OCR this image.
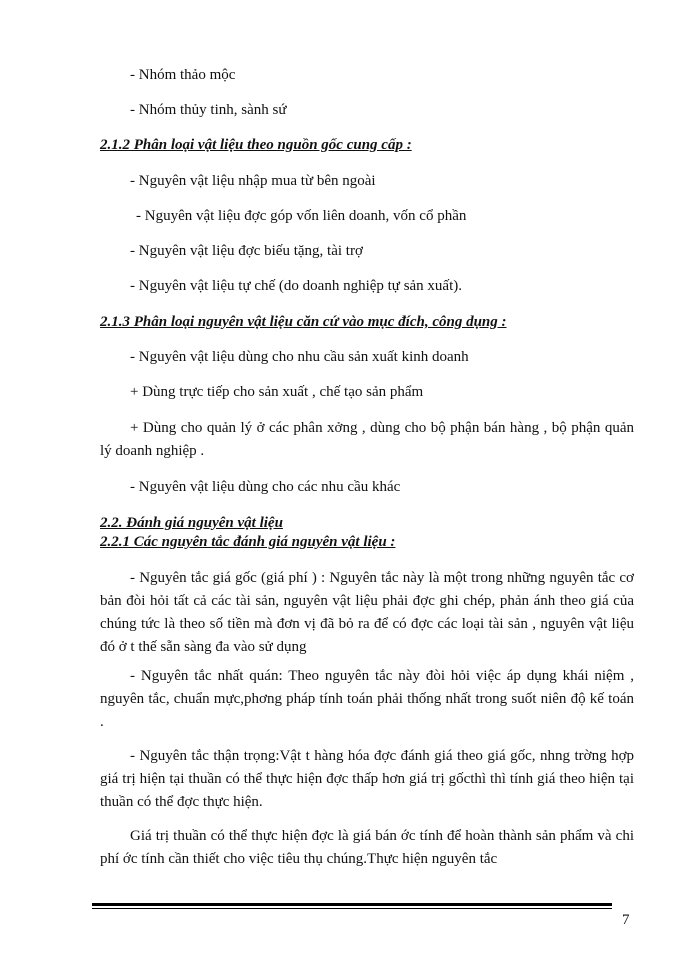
- Nhóm thảo mộc
- Nhóm thủy tinh, sành sứ
2.1.2 Phân loại vật liệu theo nguồn gốc cung cấp :
- Nguyên vật liệu nhập mua từ bên ngoài
- Nguyên vật liệu đợc góp vốn liên doanh, vốn cổ phần
- Nguyên vật liệu đợc biếu tặng, tài trợ
- Nguyên vật liệu tự chế (do doanh nghiệp tự sản xuất).
2.1.3 Phân loại nguyên vật liệu căn cứ vào mục đích, công dụng :
- Nguyên vật liệu dùng cho nhu cầu sản xuất kinh doanh
+ Dùng trực tiếp cho sản xuất , chế tạo sản phẩm
+ Dùng cho quản lý ở các phân xởng , dùng cho bộ phận bán hàng , bộ phận quản lý doanh nghiệp .
- Nguyên vật liệu dùng cho các nhu cầu khác
2.2. Đánh giá nguyên vật liệu
2.2.1 Các nguyên tắc đánh giá nguyên vật liệu :
- Nguyên tắc giá gốc (giá phí ) : Nguyên tắc này là một trong những nguyên tắc cơ bản đòi hỏi tất cả các tài sản, nguyên vật liệu phải đợc ghi chép, phản ánh theo giá của chúng tức là theo số tiền mà đơn vị đã bỏ ra để có đợc các loại tài sản , nguyên vật liệu đó ở t thế sẵn sàng đa vào sử dụng
- Nguyên tắc nhất quán: Theo nguyên tắc này đòi hỏi việc áp dụng khái niệm , nguyên tắc, chuẩn mực,phơng pháp tính toán phải thống nhất trong suốt niên độ kế toán .
- Nguyên tắc thận trọng:Vật t hàng hóa đợc đánh giá theo giá gốc, nhng trờng hợp giá trị hiện tại thuần có thể thực hiện đợc thấp hơn giá trị gốcthì thì tính giá theo hiện tại thuần có thể đợc thực hiện.
Giá trị thuần có thể thực hiện đợc là giá bán ớc tính để hoàn thành sản phẩm và chi phí ớc tính cần thiết cho việc tiêu thụ chúng.Thực hiện nguyên tắc
7
